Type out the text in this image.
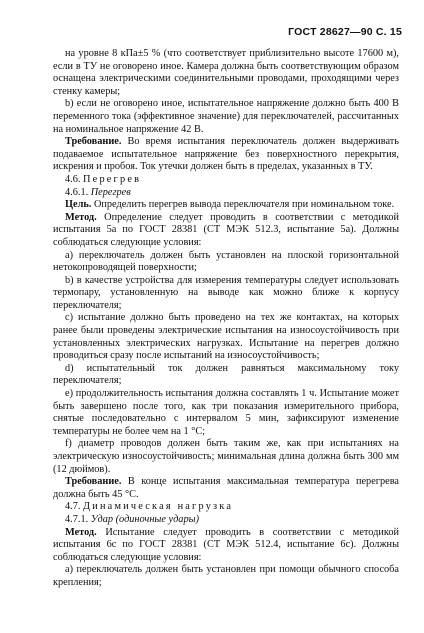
ГОСТ 28627—90 С. 15

на уровне 8 кПа±5 % (что соответствует приблизительно высоте 17600 м), если в ТУ не оговорено иное. Камера должна быть соответствующим образом оснащена электрическими соединительными проводами, проходящими через стенку камеры;

b) если не оговорено иное, испытательное напряжение должно быть 400 В переменного тока (эффективное значение) для переключателей, рассчитанных на номинальное напряжение 42 В.

Требование. Во время испытания переключатель должен выдерживать подаваемое испытательное напряжение без поверхностного перекрытия, искрения и пробоя. Ток утечки должен быть в пределах, указанных в ТУ.

4.6. Перегрев

4.6.1. Перегрев

Цель. Определить перегрев вывода переключателя при номинальном токе.

Метод. Определение следует проводить в соответствии с методикой испытания 5а по ГОСТ 28381 (СТ МЭК 512.3, испытание 5а). Должны соблюдаться следующие условия:

а) переключатель должен быть установлен на плоской горизонтальной нетокопроводящей поверхности;

b) в качестве устройства для измерения температуры следует использовать термопару, установленную на выводе как можно ближе к корпусу переключателя;

c) испытание должно быть проведено на тех же контактах, на которых ранее были проведены электрические испытания на износоустойчивость при установленных электрических нагрузках. Испытание на перегрев должно проводиться сразу после испытаний на износоустойчивость;

d) испытательный ток должен равняться максимальному току переключателя;

е) продолжительность испытания должна составлять 1 ч. Испытание может быть завершено после того, как три показания измерительного прибора, снятые последовательно с интервалом 5 мин, зафиксируют изменение температуры не более чем на 1 °С;

f) диаметр проводов должен быть таким же, как при испытаниях на электрическую износоустойчивость; минимальная длина должна быть 300 мм (12 дюймов).

Требование. В конце испытания максимальная температура перегрева должна быть 45 °С.

4.7. Динамическая нагрузка

4.7.1. Удар (одиночные удары)

Метод. Испытание следует проводить в соответствии с методикой испытания 6с по ГОСТ 28381 (СТ МЭК 512.4, испытание 6с). Должны соблюдаться следующие условия:

а) переключатель должен быть установлен при помощи обычного способа крепления;
